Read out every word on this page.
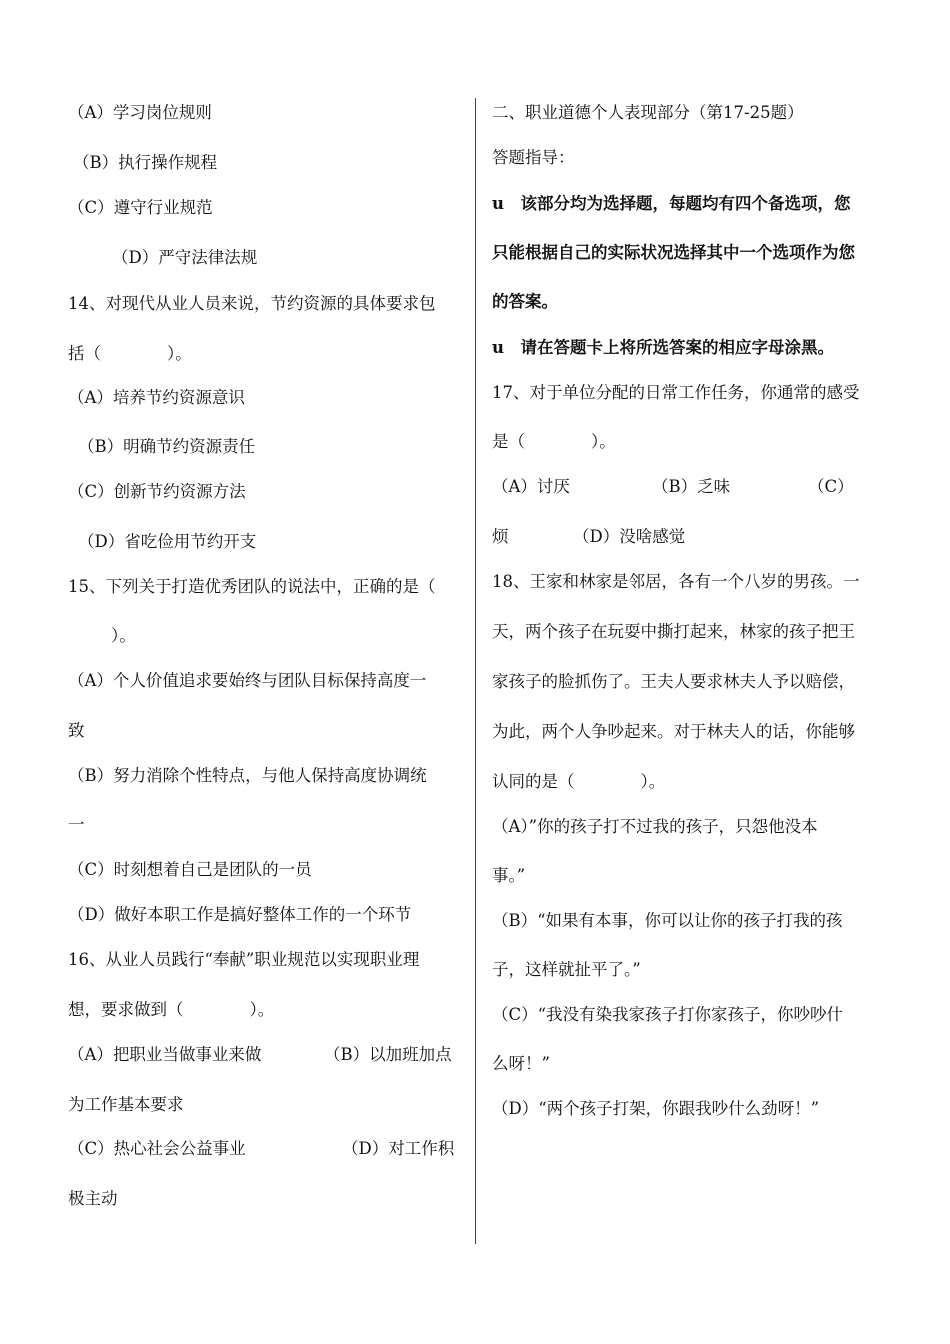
（A）学习岗位规则
（B）执行操作规程
（C）遵守行业规范
（D）严守法律法规
14、对现代从业人员来说，节约资源的具体要求包
括（　　　　）。
（A）培养节约资源意识
（B）明确节约资源责任
（C）创新节约资源方法
（D）省吃俭用节约开支
15、下列关于打造优秀团队的说法中，正确的是（
）。
（A）个人价值追求要始终与团队目标保持高度一
致
（B）努力消除个性特点，与他人保持高度协调统
一
（C）时刻想着自己是团队的一员
（D）做好本职工作是搞好整体工作的一个环节
16、从业人员践行“奉献”职业规范以实现职业理
想，要求做到（　　　　）。
（A）把职业当做事业来做	（B）以加班加点
为工作基本要求
（C）热心社会公益事业	（D）对工作积
极主动
二、职业道德个人表现部分（第17-25题）
答题指导：
u　该部分均为选择题，每题均有四个备选项，您
只能根据自己的实际状况选择其中一个选项作为您
的答案。
u　请在答题卡上将所选答案的相应字母涂黑。
17、对于单位分配的日常工作任务，你通常的感受
是（　　　　）。
（A）讨厌	（B）乏味	（C）
烦	（D）没啥感觉
18、王家和林家是邻居，各有一个八岁的男孩。一
天，两个孩子在玩耍中撕打起来，林家的孩子把王
家孩子的脸抓伤了。王夫人要求林夫人予以赔偿，
为此，两个人争吵起来。对于林夫人的话，你能够
认同的是（　　　　）。
（A）”你的孩子打不过我的孩子，只怨他没本
事。”
（B）“如果有本事，你可以让你的孩子打我的孩
子，这样就扯平了。”
（C）“我没有染我家孩子打你家孩子，你吵吵什
么呀！”
（D）“两个孩子打架，你跟我吵什么劲呀！”
